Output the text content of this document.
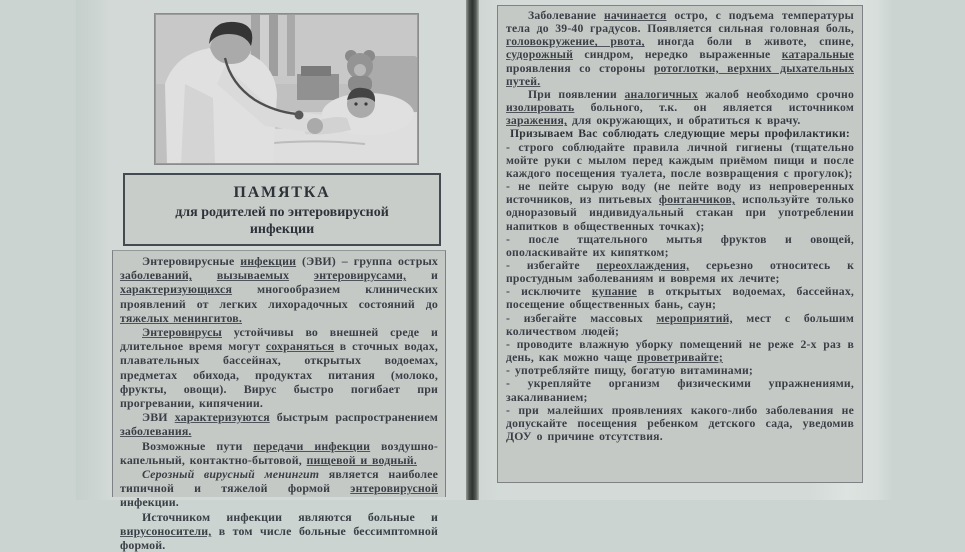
ПАМЯТКА
для родителей по энтеровирусной инфекции

Энтеровирусные инфекции (ЭВИ) – группа острых заболеваний, вызываемых энтеровирусами, и характеризующихся многообразием клинических проявлений от легких лихорадочных состояний до тяжелых менингитов.

Энтеровирусы устойчивы во внешней среде и длительное время могут сохраняться в сточных водах, плавательных бассейнах, открытых водоемах, предметах обихода, продуктах питания (молоко, фрукты, овощи). Вирус быстро погибает при прогревании, кипячении.

ЭВИ характеризуются быстрым распространением заболевания.

Возможные пути передачи инфекции воздушно-капельный, контактно-бытовой, пищевой и водный.

Серозный вирусный менингит является наиболее типичной и тяжелой формой энтеровирусной инфекции.

Источником инфекции являются больные и вирусоносители, в том числе больные бессимптомной формой.

Заболевание начинается остро, с подъема температуры тела до 39-40 градусов. Появляется сильная головная боль, головокружение, рвота, иногда боли в животе, спине, судорожный синдром, нередко выраженные катаральные проявления со стороны ротоглотки, верхних дыхательных путей.

При появлении аналогичных жалоб необходимо срочно изолировать больного, т.к. он является источником заражения, для окружающих, и обратиться к врачу.

Призываем Вас соблюдать следующие меры профилактики:

- строго соблюдайте правила личной гигиены (тщательно мойте руки с мылом перед каждым приёмом пищи и после каждого посещения туалета, после возвращения с прогулок);

- не пейте сырую воду (не пейте воду из непроверенных источников, из питьевых фонтанчиков, используйте только одноразовый индивидуальный стакан при употреблении напитков в общественных точках);

- после тщательного мытья фруктов и овощей, ополаскивайте их кипятком;

- избегайте переохлаждения, серьезно относитесь к простудным заболеваниям и вовремя их лечите;

- исключите купание в открытых водоемах, бассейнах, посещение общественных бань, саун;

- избегайте массовых мероприятий, мест с большим количеством людей;

- проводите влажную уборку помещений не реже 2-х раз в день, как можно чаще проветривайте;

- употребляйте пищу, богатую витаминами;

- укрепляйте организм физическими упражнениями, закаливанием;

- при малейших проявлениях какого-либо заболевания не допускайте посещения ребенком детского сада, уведомив ДОУ о причине отсутствия.
